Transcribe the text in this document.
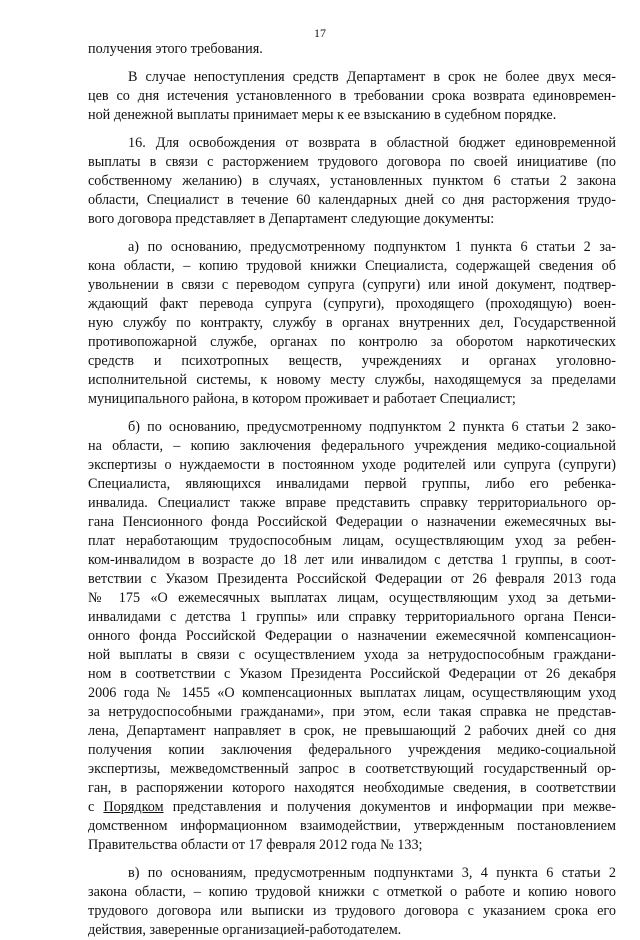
17
получения этого требования.
В случае непоступления средств Департамент в срок не более двух меся-
цев со дня истечения установленного в требовании срока возврата единовремен-
ной денежной выплаты принимает меры к ее взысканию в судебном порядке.
16. Для освобождения от возврата в областной бюджет единовременной
выплаты в связи с расторжением трудового договора по своей инициативе (по
собственному желанию) в случаях, установленных пунктом 6 статьи 2 закона
области, Специалист в течение 60 календарных дней со дня расторжения трудо-
вого договора представляет в Департамент следующие документы:
а) по основанию, предусмотренному подпунктом 1 пункта 6 статьи 2 за-
кона области, – копию трудовой книжки Специалиста, содержащей сведения об
увольнении в связи с переводом супруга (супруги) или иной документ, подтвер-
ждающий факт перевода супруга (супруги), проходящего (проходящую) воен-
ную службу по контракту, службу в органах внутренних дел, Государственной
противопожарной службе, органах по контролю за оборотом наркотических
средств и психотропных веществ, учреждениях и органах уголовно-
исполнительной системы, к новому месту службы, находящемуся за пределами
муниципального района, в котором проживает и работает Специалист;
б) по основанию, предусмотренному подпунктом 2 пункта 6 статьи 2 зако-
на области, – копию заключения федерального учреждения медико-социальной
экспертизы о нуждаемости в постоянном уходе родителей или супруга (супруги)
Специалиста, являющихся инвалидами первой группы, либо его ребенка-
инвалида. Специалист также вправе представить справку территориального ор-
гана Пенсионного фонда Российской Федерации о назначении ежемесячных вы-
плат неработающим трудоспособным лицам, осуществляющим уход за ребен-
ком-инвалидом в возрасте до 18 лет или инвалидом с детства 1 группы, в соот-
ветствии с Указом Президента Российской Федерации от 26 февраля 2013 года
№ 175 «О ежемесячных выплатах лицам, осуществляющим уход за детьми-
инвалидами с детства 1 группы» или справку территориального органа Пенси-
онного фонда Российской Федерации о назначении ежемесячной компенсацион-
ной выплаты в связи с осуществлением ухода за нетрудоспособным граждани-
ном в соответствии с Указом Президента Российской Федерации от 26 декабря
2006 года № 1455 «О компенсационных выплатах лицам, осуществляющим уход
за нетрудоспособными гражданами», при этом, если такая справка не представ-
лена, Департамент направляет в срок, не превышающий 2 рабочих дней со дня
получения копии заключения федерального учреждения медико-социальной
экспертизы, межведомственный запрос в соответствующий государственный ор-
ган, в распоряжении которого находятся необходимые сведения, в соответствии
с Порядком представления и получения документов и информации при межве-
домственном информационном взаимодействии, утвержденным постановлением
Правительства области от 17 февраля 2012 года № 133;
в) по основаниям, предусмотренным подпунктами 3, 4 пункта 6 статьи 2
закона области, – копию трудовой книжки с отметкой о работе и копию нового
трудового договора или выписки из трудового договора с указанием срока его
действия, заверенные организацией-работодателем.
